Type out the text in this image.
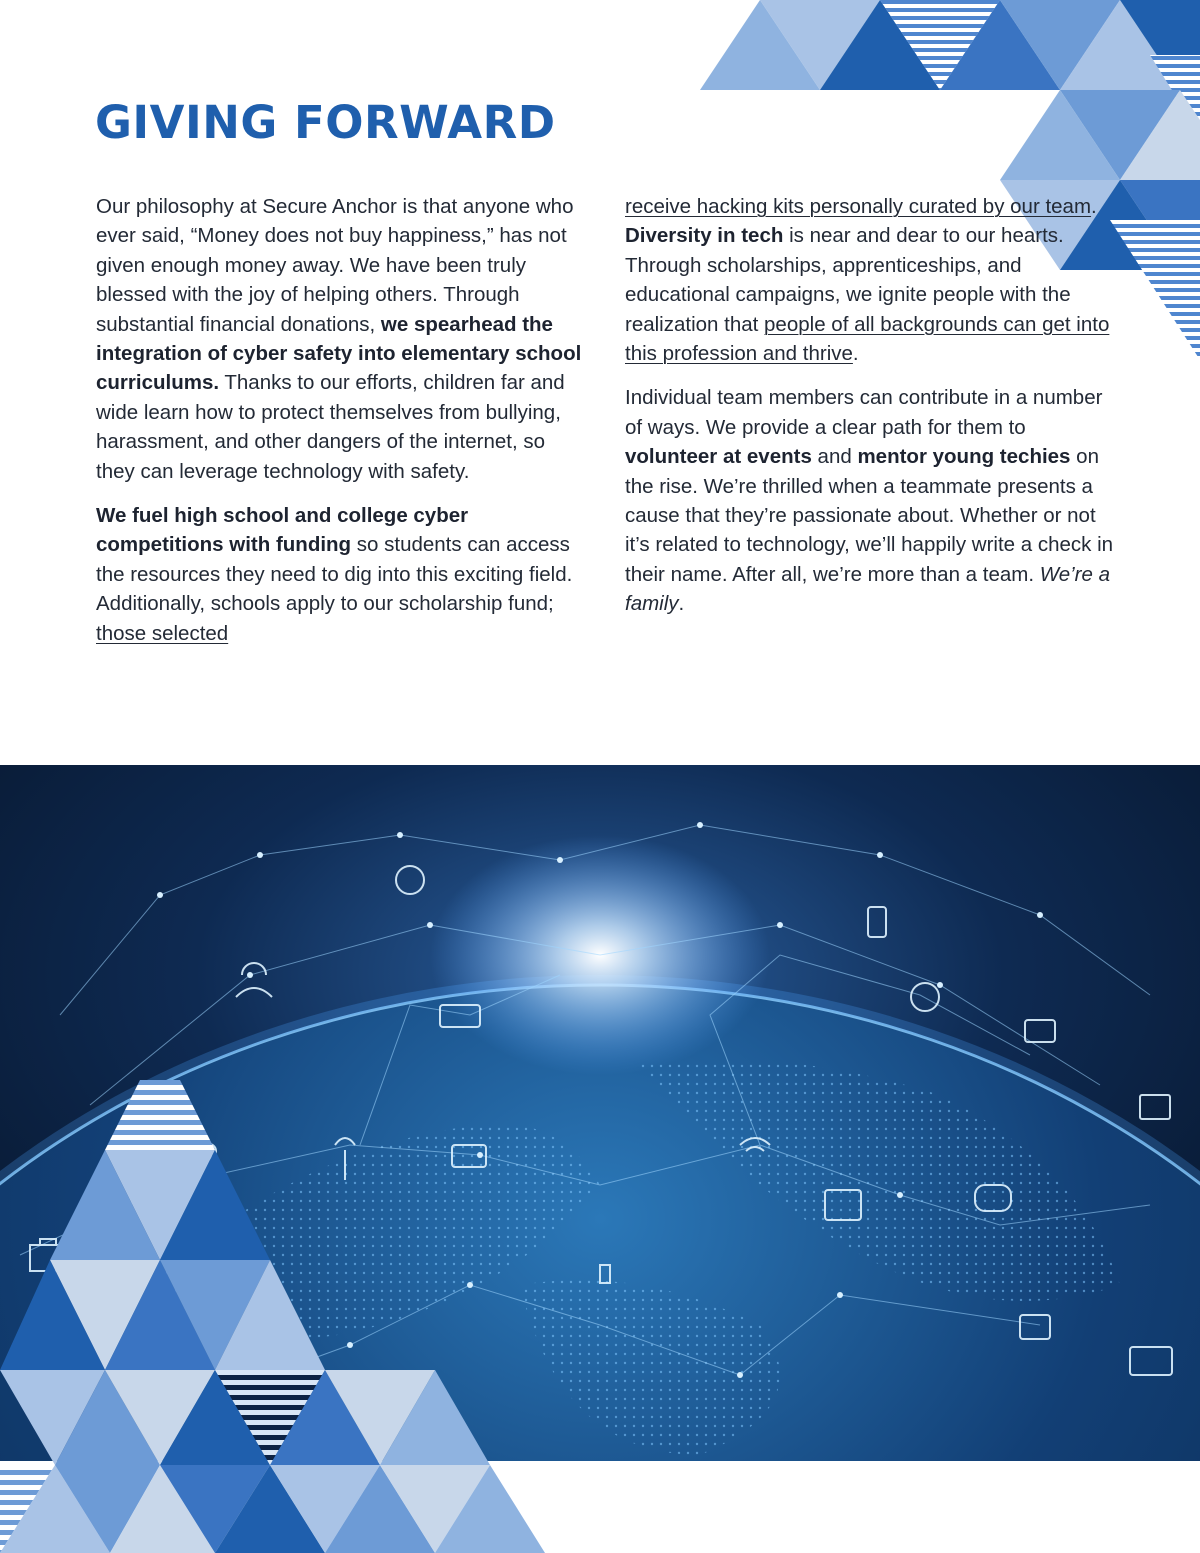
GIVING FORWARD

Our philosophy at Secure Anchor is that anyone who ever said, “Money does not buy happiness,” has not given enough money away. We have been truly blessed with the joy of helping others. Through substantial financial donations, we spearhead the integration of cyber safety into elementary school curriculums. Thanks to our efforts, children far and wide learn how to protect themselves from bullying, harassment, and other dangers of the internet, so they can leverage technology with safety.

We fuel high school and college cyber competitions with funding so students can access the resources they need to dig into this exciting field. Additionally, schools apply to our scholarship fund; those selected

receive hacking kits personally curated by our team. Diversity in tech is near and dear to our hearts. Through scholarships, apprenticeships, and educational campaigns, we ignite people with the realization that people of all backgrounds can get into this profession and thrive.

Individual team members can contribute in a number of ways. We provide a clear path for them to volunteer at events and mentor young techies on the rise. We’re thrilled when a teammate presents a cause that they’re passionate about. Whether or not it’s related to technology, we’ll happily write a check in their name. After all, we’re more than a team. We’re a family.
